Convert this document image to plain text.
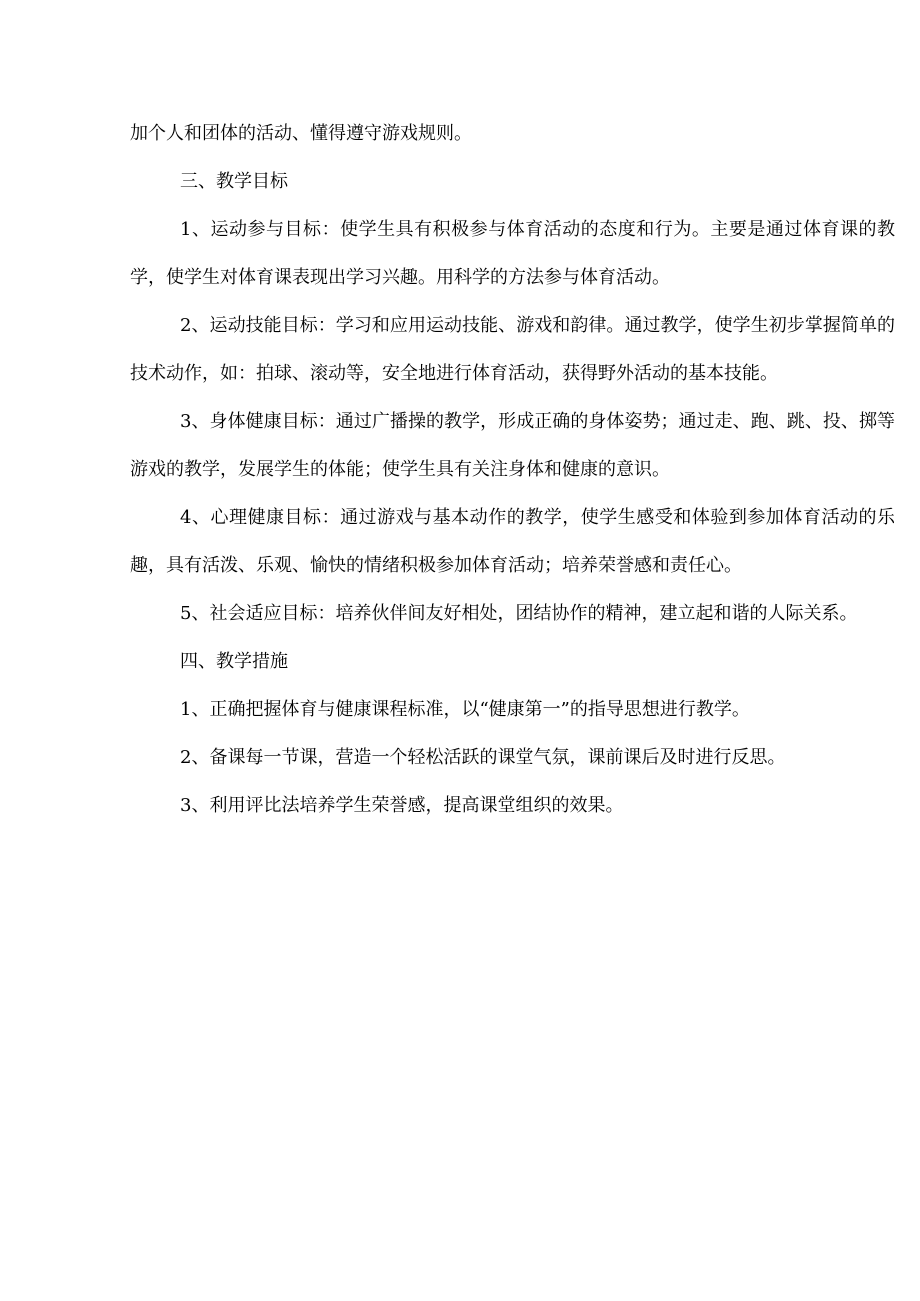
加个人和团体的活动、懂得遵守游戏规则。

三、教学目标

1、运动参与目标：使学生具有积极参与体育活动的态度和行为。主要是通过体育课的教学，使学生对体育课表现出学习兴趣。用科学的方法参与体育活动。

2、运动技能目标：学习和应用运动技能、游戏和韵律。通过教学，使学生初步掌握简单的技术动作，如：拍球、滚动等，安全地进行体育活动，获得野外活动的基本技能。

3、身体健康目标：通过广播操的教学，形成正确的身体姿势；通过走、跑、跳、投、掷等游戏的教学，发展学生的体能；使学生具有关注身体和健康的意识。

4、心理健康目标：通过游戏与基本动作的教学，使学生感受和体验到参加体育活动的乐趣，具有活泼、乐观、愉快的情绪积极参加体育活动；培养荣誉感和责任心。

5、社会适应目标：培养伙伴间友好相处，团结协作的精神，建立起和谐的人际关系。

四、教学措施

1、正确把握体育与健康课程标准，以“健康第一”的指导思想进行教学。

2、备课每一节课，营造一个轻松活跃的课堂气氛，课前课后及时进行反思。

3、利用评比法培养学生荣誉感，提高课堂组织的效果。
